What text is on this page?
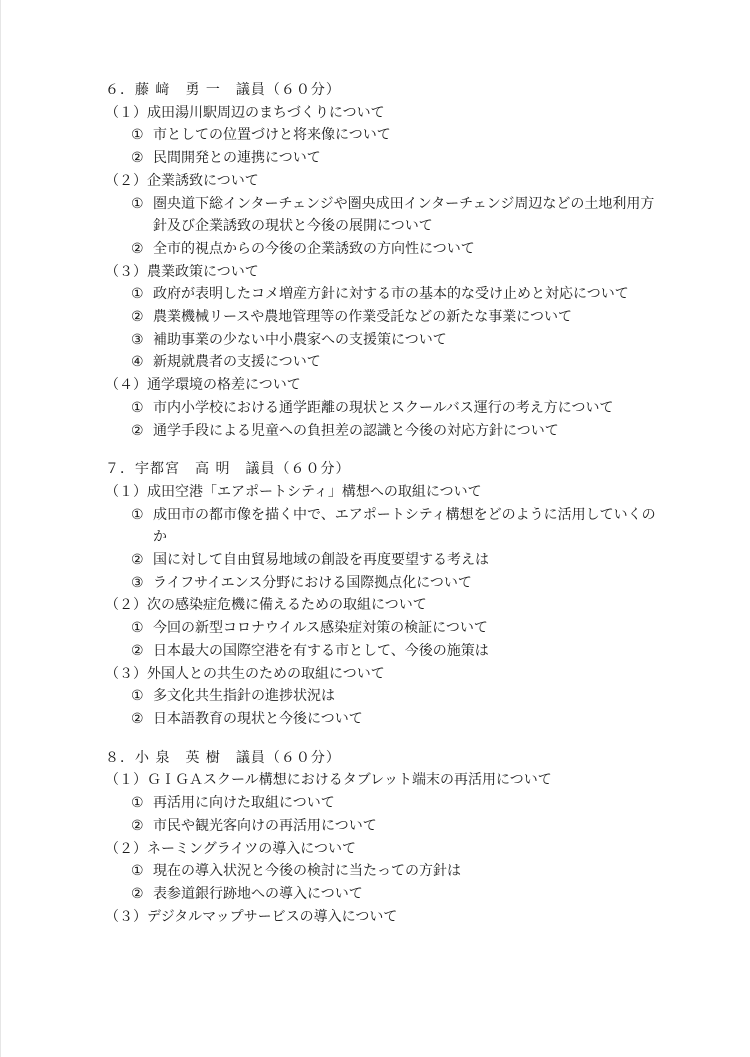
６．藤 﨑　勇 一　議員（６０分）
（１）成田湯川駅周辺のまちづくりについて
① 市としての位置づけと将来像について
② 民間開発との連携について
（２）企業誘致について
① 圏央道下総インターチェンジや圏央成田インターチェンジ周辺などの土地利用方針及び企業誘致の現状と今後の展開について
② 全市的視点からの今後の企業誘致の方向性について
（３）農業政策について
① 政府が表明したコメ増産方針に対する市の基本的な受け止めと対応について
② 農業機械リースや農地管理等の作業受託などの新たな事業について
③ 補助事業の少ない中小農家への支援策について
④ 新規就農者の支援について
（４）通学環境の格差について
① 市内小学校における通学距離の現状とスクールバス運行の考え方について
② 通学手段による児童への負担差の認識と今後の対応方針について
７．宇都宮　高 明　議員（６０分）
（１）成田空港「エアポートシティ」構想への取組について
① 成田市の都市像を描く中で、エアポートシティ構想をどのように活用していくのか
② 国に対して自由貿易地域の創設を再度要望する考えは
③ ライフサイエンス分野における国際拠点化について
（２）次の感染症危機に備えるための取組について
① 今回の新型コロナウイルス感染症対策の検証について
② 日本最大の国際空港を有する市として、今後の施策は
（３）外国人との共生のための取組について
① 多文化共生指針の進捗状況は
② 日本語教育の現状と今後について
８．小 泉　英 樹　議員（６０分）
（１）ＧＩＧＡスクール構想におけるタブレット端末の再活用について
① 再活用に向けた取組について
② 市民や観光客向けの再活用について
（２）ネーミングライツの導入について
① 現在の導入状況と今後の検討に当たっての方針は
② 表参道銀行跡地への導入について
（３）デジタルマップサービスの導入について
